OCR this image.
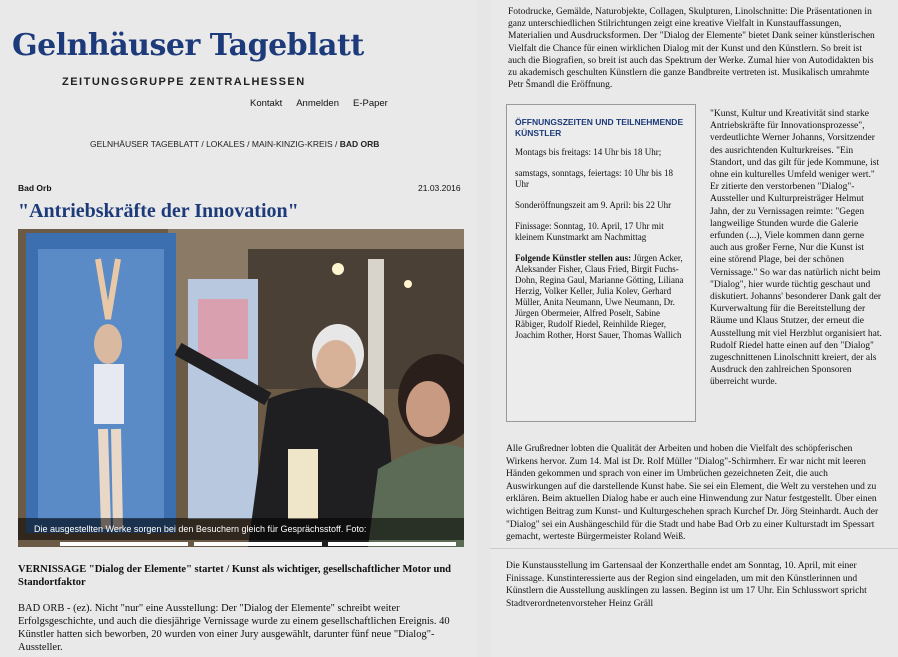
Gelnhäuser Tageblatt
ZEITUNGSGRUPPE ZENTRALHESSEN
Kontakt Anmelden E-Paper
GELNHÄUSER TAGEBLATT / LOKALES / MAIN-KINZIG-KREIS / BAD ORB
Bad Orb	21.03.2016
"Antriebskräfte der Innovation"
Die ausgestellten Werke sorgen bei den Besuchern gleich für Gesprächsstoff. Foto:
VERNISSAGE "Dialog der Elemente" startet / Kunst als wichtiger, gesellschaftlicher Motor und Standortfaktor
BAD ORB - (ez). Nicht "nur" eine Ausstellung: Der "Dialog der Elemente" schreibt weiter Erfolgsgeschichte, und auch die diesjährige Vernissage wurde zu einem gesellschaftlichen Ereignis. 40 Künstler hatten sich beworben, 20 wurden von einer Jury ausgewählt, darunter fünf neue "Dialog"-Aussteller.
Fotodrucke, Gemälde, Naturobjekte, Collagen, Skulpturen, Linolschnitte: Die Präsentationen in ganz unterschiedlichen Stilrichtungen zeigt eine kreative Vielfalt in Kunstauffassungen, Materialien und Ausdrucksformen. Der "Dialog der Elemente" bietet Dank seiner künstlerischen Vielfalt die Chance für einen wirklichen Dialog mit der Kunst und den Künstlern. So breit ist auch die Biografien, so breit ist auch das Spektrum der Werke. Zumal hier von Autodidakten bis zu akademisch geschulten Künstlern die ganze Bandbreite vertreten ist. Musikalisch umrahmte Petr Šmandl die Eröffnung.
ÖFFNUNGSZEITEN UND TEILNEHMENDE KÜNSTLER

Montags bis freitags: 14 Uhr bis 18 Uhr;

samstags, sonntags, feiertags: 10 Uhr bis 18 Uhr

Sonderöffnungszeit am 9. April: bis 22 Uhr

Finissage: Sonntag, 10. April, 17 Uhr mit kleinem Kunstmarkt am Nachmittag

Folgende Künstler stellen aus: Jürgen Acker, Aleksander Fisher, Claus Fried, Birgit Fuchs-Dohn, Regina Gaul, Marianne Götting, Liliana Herzig, Volker Keller, Julia Kolev, Gerhard Müller, Anita Neumann, Uwe Neumann, Dr. Jürgen Obermeier, Alfred Poselt, Sabine Räbiger, Rudolf Riedel, Reinhilde Rieger, Joachim Rother, Horst Sauer, Thomas Wallich

"Kunst, Kultur und Kreativität sind starke Antriebskräfte für Innovationsprozesse", verdeutlichte Werner Johanns, Vorsitzender des ausrichtenden Kulturkreises. "Ein Standort, und das gilt für jede Kommune, ist ohne ein kulturelles Umfeld weniger wert." Er zitierte den verstorbenen "Dialog"-Aussteller und Kulturpreisträger Helmut Jahn, der zu Vernissagen reimte: "Gegen langweilige Stunden wurde die Galerie erfunden (...), Viele kommen dann gerne auch aus großer Ferne, Nur die Kunst ist eine störend Plage, bei der schönen Vernissage." So war das natürlich nicht beim "Dialog", hier wurde tüchtig geschaut und diskutiert. Johanns' besonderer Dank galt der Kurverwaltung für die Bereitstellung der Räume und Klaus Stutzer, der erneut die Ausstellung mit viel Herzblut organisiert hat. Rudolf Riedel hatte einen auf den "Dialog" zugeschnittenen Linolschnitt kreiert, der als Ausdruck den zahlreichen Sponsoren überreicht wurde.
Alle Grußredner lobten die Qualität der Arbeiten und hoben die Vielfalt des schöpferischen Wirkens hervor. Zum 14. Mal ist Dr. Rolf Müller "Dialog"-Schirmherr. Er war nicht mit leeren Händen gekommen und sprach von einer im Umbrüchen gezeichneten Zeit, die auch Auswirkungen auf die darstellende Kunst habe. Sie sei ein Element, die Welt zu verstehen und zu erklären. Beim aktuellen Dialog habe er auch eine Hinwendung zur Natur festgestellt. Über einen wichtigen Beitrag zum Kunst- und Kulturgeschehen sprach Kurchef Dr. Jörg Steinhardt. Auch der "Dialog" sei ein Aushängeschild für die Stadt und habe Bad Orb zu einer Kulturstadt im Spessart gemacht, werteste Bürgermeister Roland Weiß.
Die Kunstausstellung im Gartensaal der Konzerthalle endet am Sonntag, 10. April, mit einer Finissage. Kunstinteressierte aus der Region sind eingeladen, um mit den Künstlerinnen und Künstlern die Ausstellung ausklingen zu lassen. Beginn ist um 17 Uhr. Ein Schlusswort spricht Stadtverordnetenvorsteher Heinz Gräll
